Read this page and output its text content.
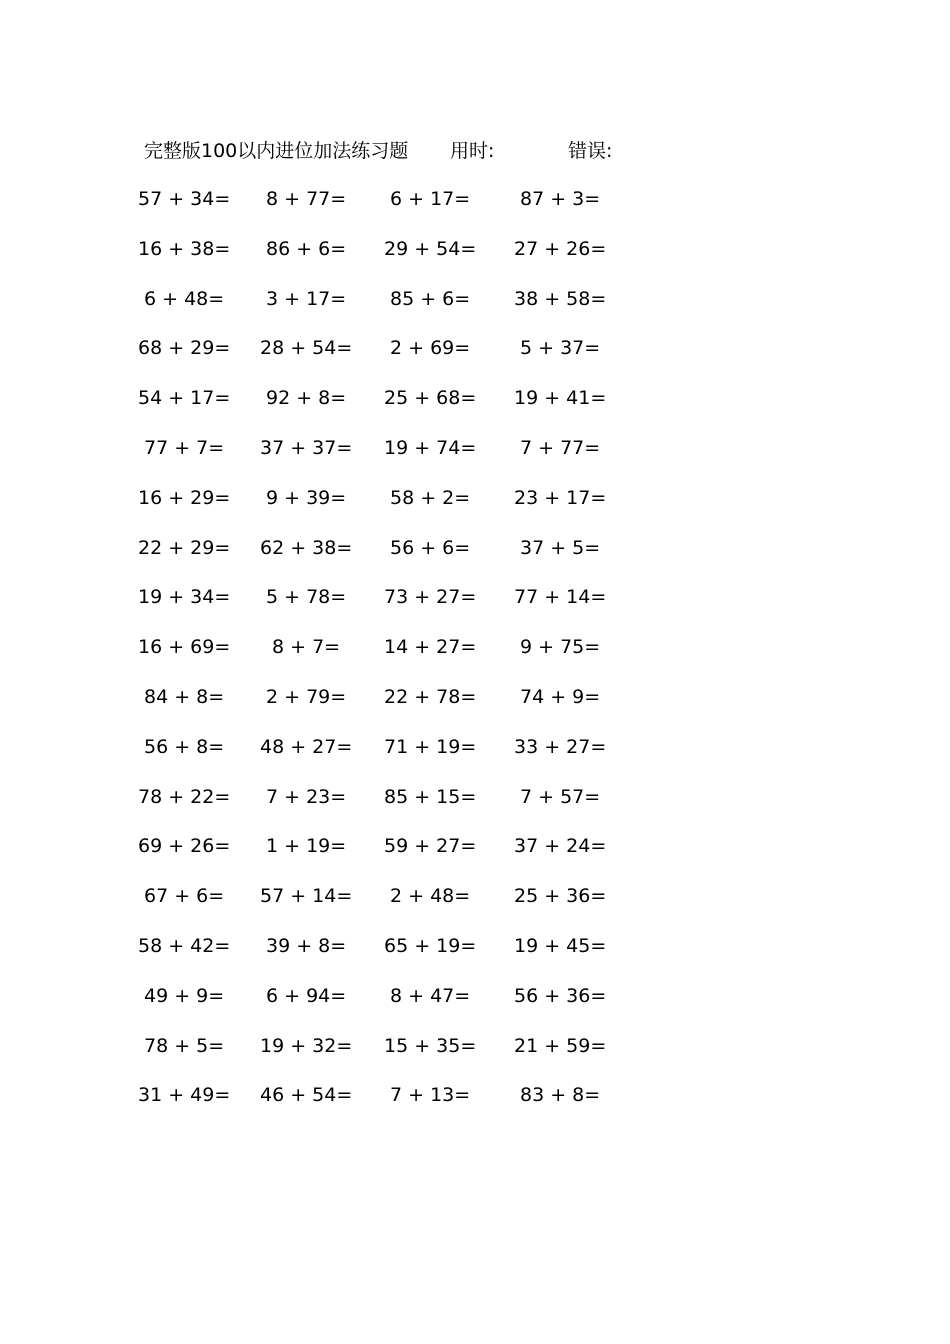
完整版100以内进位加法练习题 用时:	错误:
57 + 34= 8 + 77= 6 + 17=	87 + 3=
16 + 38= 86 + 6= 29 + 54= 27 + 26=
6 + 48= 3 + 17= 85 + 6= 38 + 58=
68 + 29= 28 + 54= 2 + 69=	5 + 37=
54 + 17= 92 + 8= 25 + 68= 19 + 41=
77 + 7= 37 + 37= 19 + 74= 7 + 77=
16 + 29= 9 + 39= 58 + 2= 23 + 17=
22 + 29= 62 + 38= 56 + 6=	37 + 5=
19 + 34= 5 + 78= 73 + 27= 77 + 14=
16 + 69= 8 + 7= 14 + 27= 9 + 75=
84 + 8= 2 + 79= 22 + 78= 74 + 9=
56 + 8= 48 + 27= 71 + 19= 33 + 27=
78 + 22= 7 + 23= 85 + 15= 7 + 57=
69 + 26= 1 + 19= 59 + 27= 37 + 24=
67 + 6= 57 + 14= 2 + 48= 25 + 36=
58 + 42= 39 + 8= 65 + 19= 19 + 45=
49 + 9= 6 + 94= 8 + 47= 56 + 36=
78 + 5= 19 + 32= 15 + 35= 21 + 59=
31 + 49= 46 + 54= 7 + 13=	83 + 8=
